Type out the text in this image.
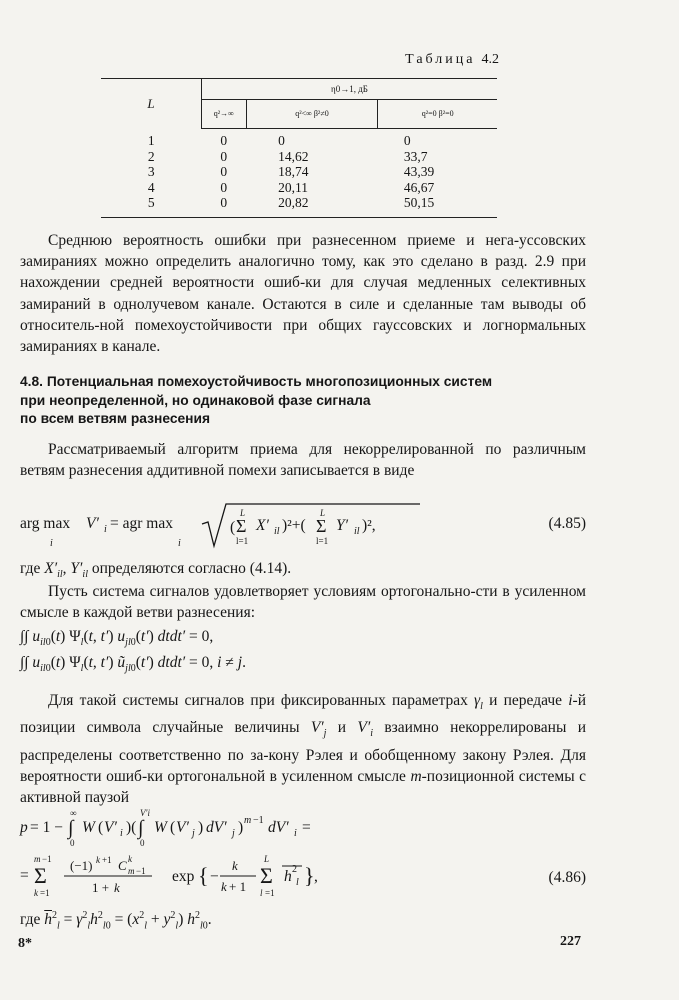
Таблица 4.2
L	η0→1, дБ		
	q²→∞	q²<∞ β²≠0	q²=0 β²=0
1	0	0	0
2	0	14,62	33,7
3	0	18,74	43,39
4	0	20,11	46,67
5	0	20,82	50,15

Среднюю вероятность ошибки при разнесенном приеме и нега-уссовских замираниях можно определить аналогично тому, как это сделано в разд. 2.9 при нахождении средней вероятности ошиб-ки для случая медленных селективных замираний в однолучевом канале. Остаются в силе и сделанные там выводы об относитель-ной помехоустойчивости при общих гауссовских и логнормальных замираниях в канале.

4.8. Потенциальная помехоустойчивость многопозиционных систем
при неопределенной, но одинаковой фазе сигнала
по всем ветвям разнесения

Рассматриваемый алгоритм приема для некоррелированной по различным ветвям разнесения аддитивной помехи записывается в виде

arg max
i
V′ i = agr max
i
( Σ
L
l=1
X′ il )²+( Σ
L
l=1
Y′ il )²,	(4.85)
где $X'_{il}$, $Y'_{il}$ определяются согласно (4.14).

Пусть система сигналов удовлетворяет условиям ортогонально-сти в усиленном смысле в каждой ветви разнесения:

∫∫ $u_{il0}(t)$ $\Psi_l(t$, t′) $u_{jl0}(t')$ dtdt′ = 0,
∫∫ $u_{il0}(t)$ $\Psi_l(t$, t′) $ũ_{jl0}(t')$ dtdt′ = 0, i ≠ j.

Для такой системы сигналов при фиксированных параметрах $\gamma_l$ и передаче i-й позиции символа случайные величины $V'_j$ и $V'_i$ взаимно некоррелированы и распределены соответственно по за-кону Рэлея и обобщенному закону Рэлея. Для вероятности ошиб-ки ортогональной в усиленном смысле m-позиционной системы с активной паузой

p = 1 − ∫
∞
0
W ( V′ i )( ∫
V′i
0
W ( V′ j ) dV′ j ) m −1 dV′ i =
= Σ
m −1
k =1
(−1) k +1 C k
m −1
1 + k
exp { −
k
k + 1 Σ
L
l =1
h 2
l } ,	(4.86)
где $\overline{h}^2_l = \gamma^2_lh^2_{l0} = (x^2_l + y^2_l)$ $h^2_{l0}$.
8*	227
